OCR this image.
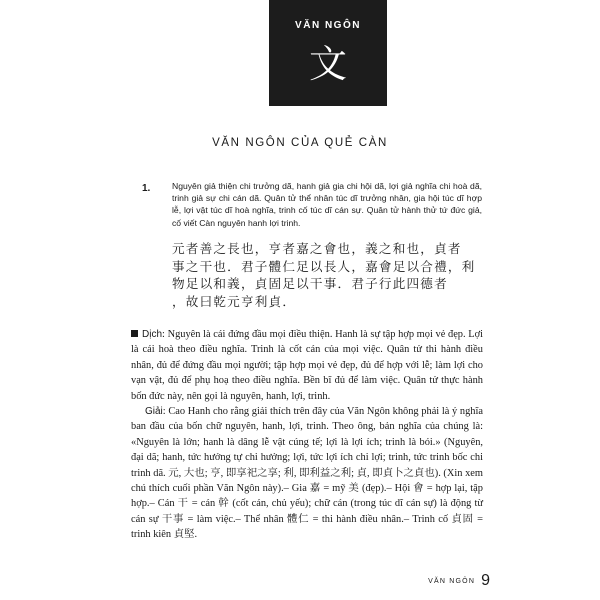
VĂN NGÔN
文
VĂN NGÔN CỦA QUẺ CÀN
1.	Nguyên giả thiện chi trưởng dã, hanh giả gia chi hội dã, lợi giả nghĩa chi hoà dã, trinh giả sự chi cán dã. Quân tử thể nhân túc dĩ trưởng nhân, gia hội túc dĩ hợp lễ, lợi vật túc dĩ hoà nghĩa, trinh cố túc dĩ cán sự. Quân tử hành thử tứ đức giả, cố viết Càn nguyên hanh lợi trinh.
元者善之長也，亨者嘉之會也，義之和也，貞者
事之干也．君子體仁足以長人，嘉會足以合禮，利
物足以和義，貞固足以干事．君子行此四德者
，故曰乾元亨利貞．

Dịch: Nguyên là cái đứng đầu mọi điều thiện. Hanh là sự tập hợp mọi vẻ đẹp. Lợi là cái hoà theo điều nghĩa. Trinh là cốt cán của mọi việc. Quân tử thi hành điều nhân, đủ để đứng đầu mọi người; tập hợp mọi vẻ đẹp, đủ để hợp với lễ; làm lợi cho vạn vật, đủ để phụ hoạ theo điều nghĩa. Bền bĩ đủ để làm việc. Quân tử thực hành bốn đức này, nên gọi là nguyên, hanh, lợi, trinh.

Giải: Cao Hanh cho rằng giải thích trên đây của Văn Ngôn không phải là ý nghĩa ban đầu của bốn chữ nguyên, hanh, lợi, trinh. Theo ông, bản nghĩa của chúng là: «Nguyên là lớn; hanh là dâng lễ vật cúng tế; lợi là lợi ích; trinh là bói.» (Nguyên, đại dã; hanh, tức hưởng tự chi hưởng; lợi, tức lợi ích chi lợi; trinh, tức trinh bốc chi trinh dã. 元, 大也; 亨, 即享祀之享; 利, 即利益之利; 貞, 即貞卜之貞也). (Xin xem chú thích cuối phần Văn Ngôn này).– Gia 嘉 = mỹ 美 (đẹp).– Hội 會 = hợp lại, tập hợp.– Cán 干 = cán 幹 (cốt cán, chủ yếu); chữ cán (trong túc dĩ cán sự) là động từ cán sự 干事 = làm việc.– Thể nhân 體仁 = thi hành điều nhân.– Trinh cố 貞固 = trinh kiên 貞堅.

VĂN NGÔN 9
